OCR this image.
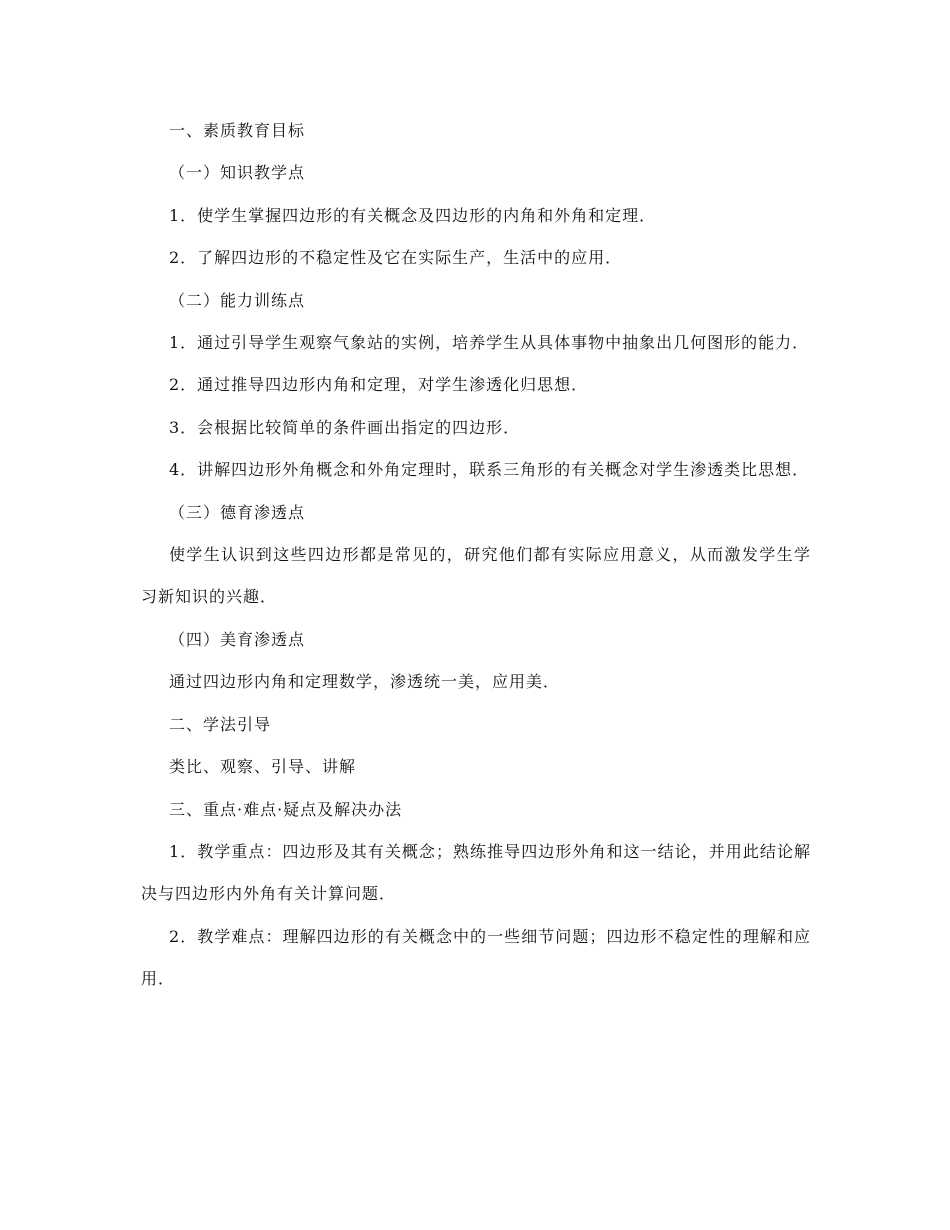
一、素质教育目标

（一）知识教学点

1．使学生掌握四边形的有关概念及四边形的内角和外角和定理．

2．了解四边形的不稳定性及它在实际生产，生活中的应用．

（二）能力训练点

1．通过引导学生观察气象站的实例，培养学生从具体事物中抽象出几何图形的能力．

2．通过推导四边形内角和定理，对学生渗透化归思想．

3．会根据比较简单的条件画出指定的四边形．

4．讲解四边形外角概念和外角定理时，联系三角形的有关概念对学生渗透类比思想．

（三）德育渗透点

使学生认识到这些四边形都是常见的，研究他们都有实际应用意义，从而激发学生学习新知识的兴趣．

（四）美育渗透点

通过四边形内角和定理数学，渗透统一美，应用美．

二、学法引导

类比、观察、引导、讲解

三、重点·难点·疑点及解决办法

1．教学重点：四边形及其有关概念；熟练推导四边形外角和这一结论，并用此结论解决与四边形内外角有关计算问题．

2．教学难点：理解四边形的有关概念中的一些细节问题；四边形不稳定性的理解和应用．
